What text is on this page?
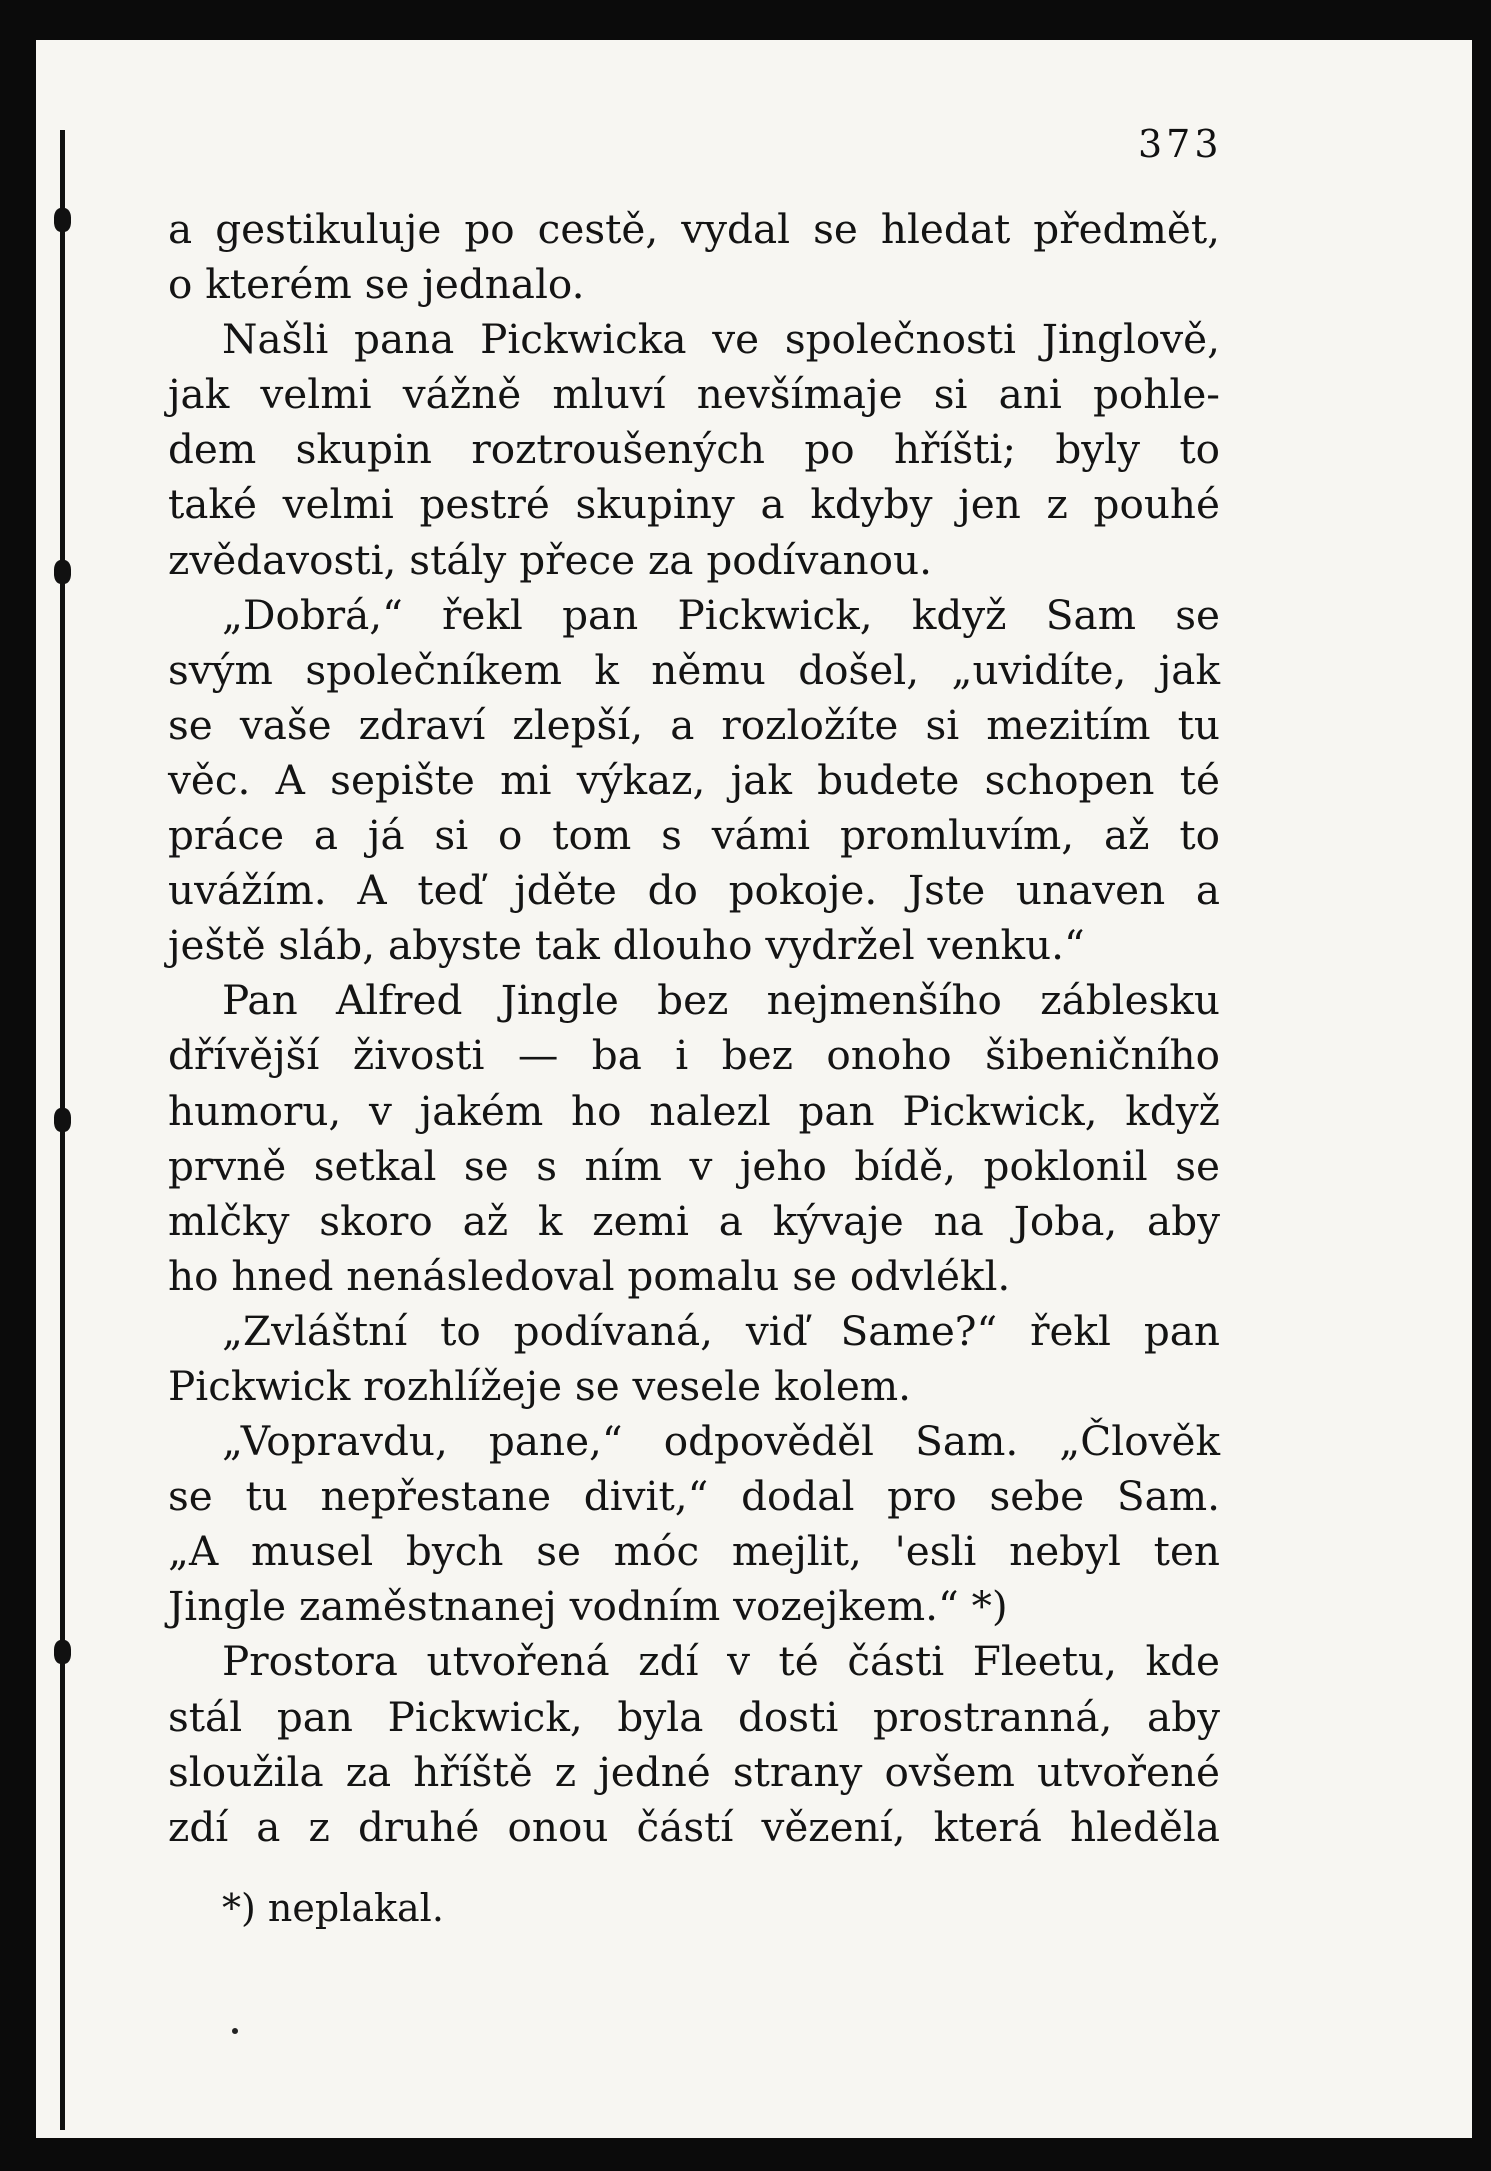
373
a gestikuluje po cestě, vydal se hledat předmět,
o kterém se jednalo.
Našli pana Pickwicka ve společnosti Jinglově,
jak velmi vážně mluví nevšímaje si ani pohle-
dem skupin roztroušených po hříšti; byly to
také velmi pestré skupiny a kdyby jen z pouhé
zvědavosti, stály přece za podívanou.
„Dobrá,“ řekl pan Pickwick, když Sam se
svým společníkem k němu došel, „uvidíte, jak
se vaše zdraví zlepší, a rozložíte si mezitím tu
věc. A sepište mi výkaz, jak budete schopen té
práce a já si o tom s vámi promluvím, až to
uvážím. A teď jděte do pokoje. Jste unaven a
ještě sláb, abyste tak dlouho vydržel venku.“
Pan Alfred Jingle bez nejmenšího záblesku
dřívější živosti — ba i bez onoho šibeničního
humoru, v jakém ho nalezl pan Pickwick, když
prvně setkal se s ním v jeho bídě, poklonil se
mlčky skoro až k zemi a kývaje na Joba, aby
ho hned nenásledoval pomalu se odvlékl.
„Zvláštní to podívaná, viď Same?“ řekl pan
Pickwick rozhlížeje se vesele kolem.
„Vopravdu, pane,“ odpověděl Sam. „Člověk
se tu nepřestane divit,“ dodal pro sebe Sam.
„A musel bych se móc mejlit, 'esli nebyl ten
Jingle zaměstnanej vodním vozejkem.“ *)
Prostora utvořená zdí v té části Fleetu, kde
stál pan Pickwick, byla dosti prostranná, aby
sloužila za hříště z jedné strany ovšem utvořené
zdí a z druhé onou částí vězení, která hleděla
*) neplakal.
